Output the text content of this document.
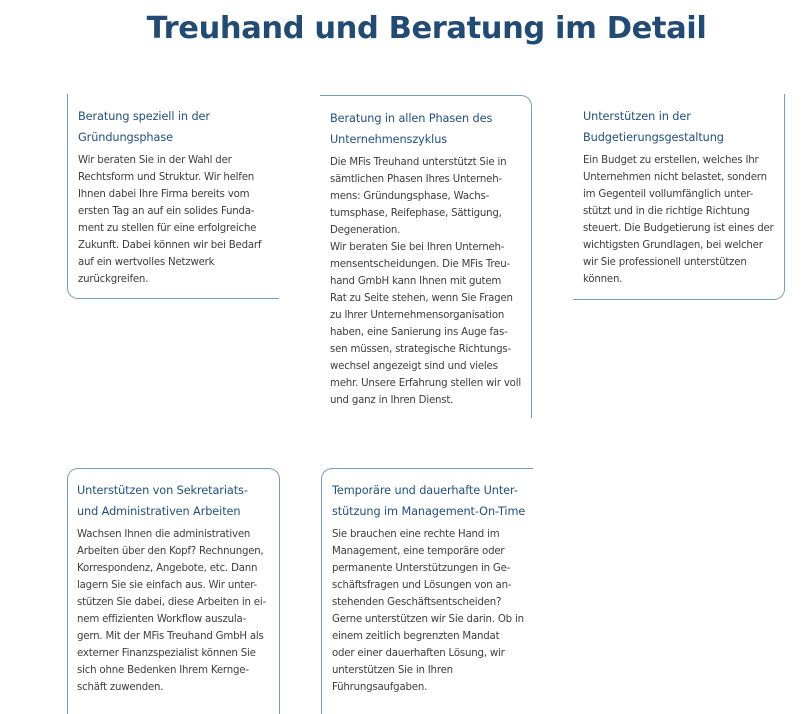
Treuhand und Beratung im Detail
Beratung speziell in der
Gründungsphase

Wir beraten Sie in der Wahl der
Rechtsform und Struktur. Wir helfen
Ihnen dabei Ihre Firma bereits vom
ersten Tag an auf ein solides Funda-
ment zu stellen für eine erfolgreiche
Zukunft. Dabei können wir bei Bedarf
auf ein wertvolles Netzwerk
zurückgreifen.

Beratung in allen Phasen des
Unternehmenszyklus

Die MFis Treuhand unterstützt Sie in
sämtlichen Phasen Ihres Unterneh-
mens: Gründungsphase, Wachs-
tumsphase, Reifephase, Sättigung,
Degeneration.
Wir beraten Sie bei Ihren Unterneh-
mensentscheidungen. Die MFis Treu-
hand GmbH kann Ihnen mit gutem
Rat zu Seite stehen, wenn Sie Fragen
zu Ihrer Unternehmensorganisation
haben, eine Sanierung ins Auge fas-
sen müssen, strategische Richtungs-
wechsel angezeigt sind und vieles
mehr. Unsere Erfahrung stellen wir voll
und ganz in Ihren Dienst.

Unterstützen in der
Budgetierungsgestaltung

Ein Budget zu erstellen, welches Ihr
Unternehmen nicht belastet, sondern
im Gegenteil vollumfänglich unter-
stützt und in die richtige Richtung
steuert. Die Budgetierung ist eines der
wichtigsten Grundlagen, bei welcher
wir Sie professionell unterstützen
können.

Unterstützen von Sekretariats-
und Administrativen Arbeiten

Wachsen Ihnen die administrativen
Arbeiten über den Kopf? Rechnungen,
Korrespondenz, Angebote, etc. Dann
lagern Sie sie einfach aus. Wir unter-
stützen Sie dabei, diese Arbeiten in ei-
nem effizienten Workflow auszula-
gern. Mit der MFis Treuhand GmbH als
externer Finanzspezialist können Sie
sich ohne Bedenken Ihrem Kernge-
schäft zuwenden.

Temporäre und dauerhafte Unter-
stützung im Management-On-Time

Sie brauchen eine rechte Hand im
Management, eine temporäre oder
permanente Unterstützungen in Ge-
schäftsfragen und Lösungen von an-
stehenden Geschäftsentscheiden?
Gerne unterstützen wir Sie darin. Ob in
einem zeitlich begrenzten Mandat
oder einer dauerhaften Lösung, wir
unterstützen Sie in Ihren
Führungsaufgaben.
